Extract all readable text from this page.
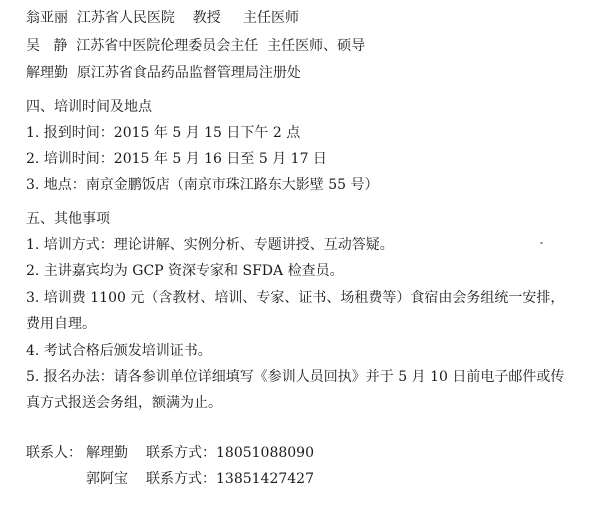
翁亚丽  江苏省人民医院    教授     主任医师
吴   静  江苏省中医院伦理委员会主任  主任医师、硕导
解理勤  原江苏省食品药品监督管理局注册处
四、培训时间及地点
1. 报到时间：2015 年 5 月 15 日下午 2 点
2. 培训时间：2015 年 5 月 16 日至 5 月 17 日
3. 地点：南京金鹏饭店（南京市珠江路东大影壁 55 号）
五、其他事项
1. 培训方式：理论讲解、实例分析、专题讲授、互动答疑。
2. 主讲嘉宾均为 GCP 资深专家和 SFDA 检查员。
3. 培训费 1100 元（含教材、培训、专家、证书、场租费等）食宿由会务组统一安排，
费用自理。
4. 考试合格后颁发培训证书。
5. 报名办法：请各参训单位详细填写《参训人员回执》并于 5 月 10 日前电子邮件或传
真方式报送会务组，额满为止。
联系人： 解理勤 联系方式： 18051088090
郭阿宝 联系方式： 13851427427
